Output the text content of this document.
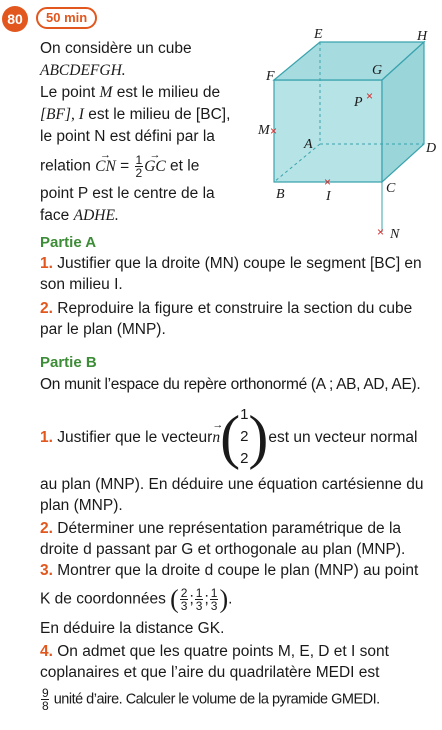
80	50 min

On considère un cube

ABCDEFGH.

Le point M est le milieu de

[BF], I est le milieu de [BC],

le point N est défini par la

relation → CN = $\frac{1}{2}$ → GC et le

point P est le centre de la

face ADHE.

×
×
×
×
E	H
F	G
P
M
A	D
B	I
C
N
Partie A

1. Justifier que la droite (MN) coupe le segment [BC] en son milieu I.

2. Reproduire la figure et construire la section du cube par le plan (MNP).

Partie B
On munit l’espace du repère orthonormé (A ; AB, AD, AE).
1.
Justifier que le vecteur → n ( 1
2
2 ) est un vecteur normal

au plan (MNP). En déduire une équation cartésienne du plan (MNP).

2. Déterminer une représentation paramétrique de la droite d passant par G et orthogonale au plan (MNP).

3. Montrer que la droite d coupe le plan (MNP) au point

K de coordonnées ( $\frac{2}{3}$ ; $\frac{1}{3}$ ; $\frac{1}{3}$ ).

En déduire la distance GK.

4. On admet que les quatre points M, E, D et I sont coplanaires et que l’aire du quadrilatère MEDI est

$\frac{9}{8}$ unité d’aire. Calculer le volume de la pyramide GMEDI.
